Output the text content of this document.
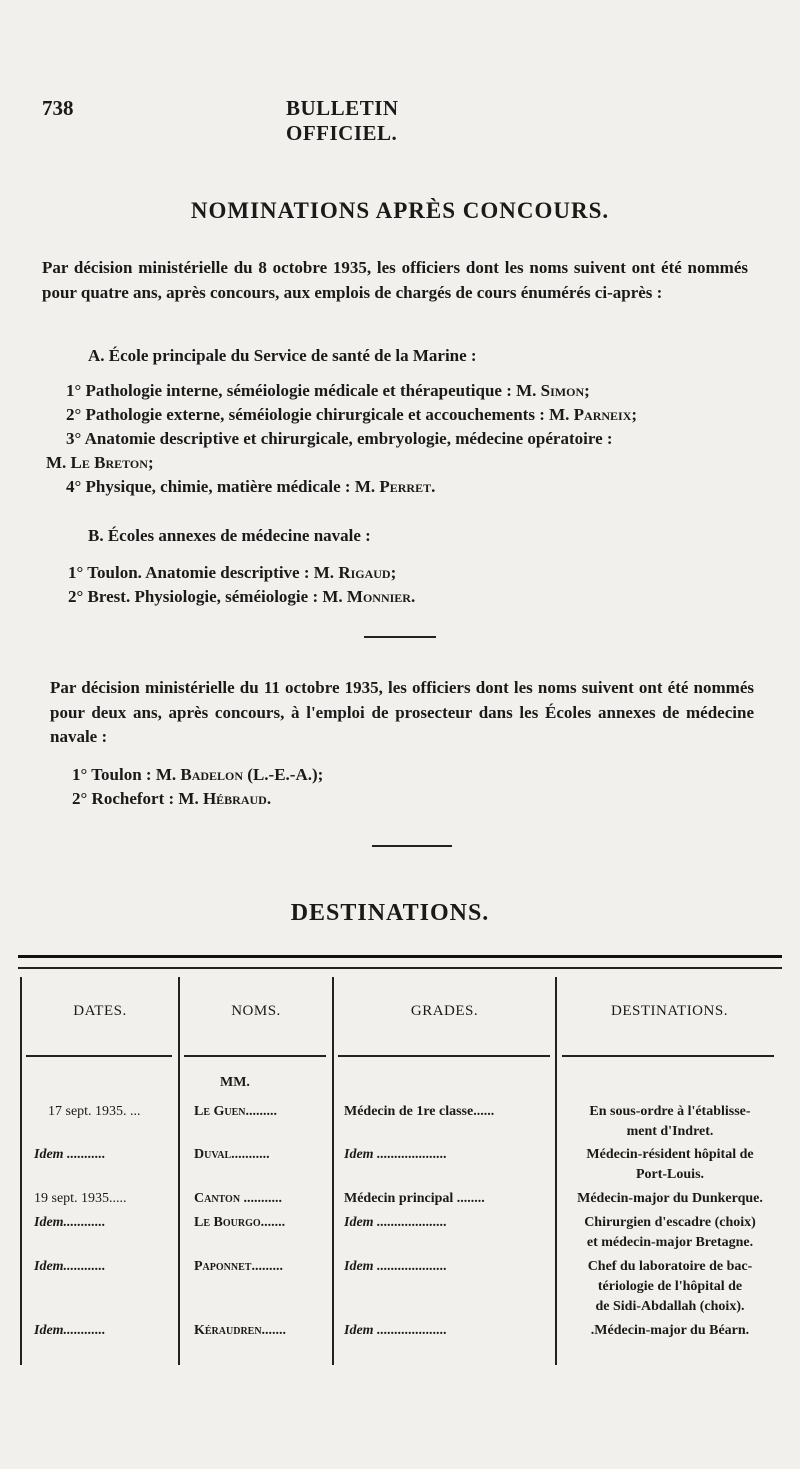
738	BULLETIN OFFICIEL.
NOMINATIONS APRÈS CONCOURS.
Par décision ministérielle du 8 octobre 1935, les officiers dont les noms suivent ont été nommés pour quatre ans, après concours, aux emplois de chargés de cours énumérés ci-après :
A. École principale du Service de santé de la Marine :
1° Pathologie interne, séméiologie médicale et thérapeutique : M. Simon;
2° Pathologie externe, séméiologie chirurgicale et accouchements : M. Parneix;
3° Anatomie descriptive et chirurgicale, embryologie, médecine opératoire :
M. Le Breton;
4° Physique, chimie, matière médicale : M. Perret.
B. Écoles annexes de médecine navale :
1° Toulon. Anatomie descriptive : M. Rigaud;
2° Brest. Physiologie, séméiologie : M. Monnier.
Par décision ministérielle du 11 octobre 1935, les officiers dont les noms suivent ont été nommés pour deux ans, après concours, à l'emploi de prosecteur dans les Écoles annexes de médecine navale :
1° Toulon : M. Badelon (L.-E.-A.);
2° Rochefort : M. Hébraud.
DESTINATIONS.
DATES.	NOMS.	GRADES.	DESTINATIONS.
MM.
17 sept. 1935. ...	Le Guen.........	Médecin de 1re classe......	En sous-ordre à l'établisse-
ment d'Indret.
Idem ...........	Duval...........	Idem ....................	Médecin-résident hôpital de
Port-Louis.
19 sept. 1935.....	Canton ...........	Médecin principal ........	Médecin-major du Dunkerque.
Idem............	Le Bourgo.......	Idem ....................	Chirurgien d'escadre (choix)
et médecin-major Bretagne.
Idem............	Paponnet.........	Idem ....................	Chef du laboratoire de bac-
tériologie de l'hôpital de
de Sidi-Abdallah (choix).
Idem............	Kéraudren.......	Idem ....................	.Médecin-major du Béarn.
